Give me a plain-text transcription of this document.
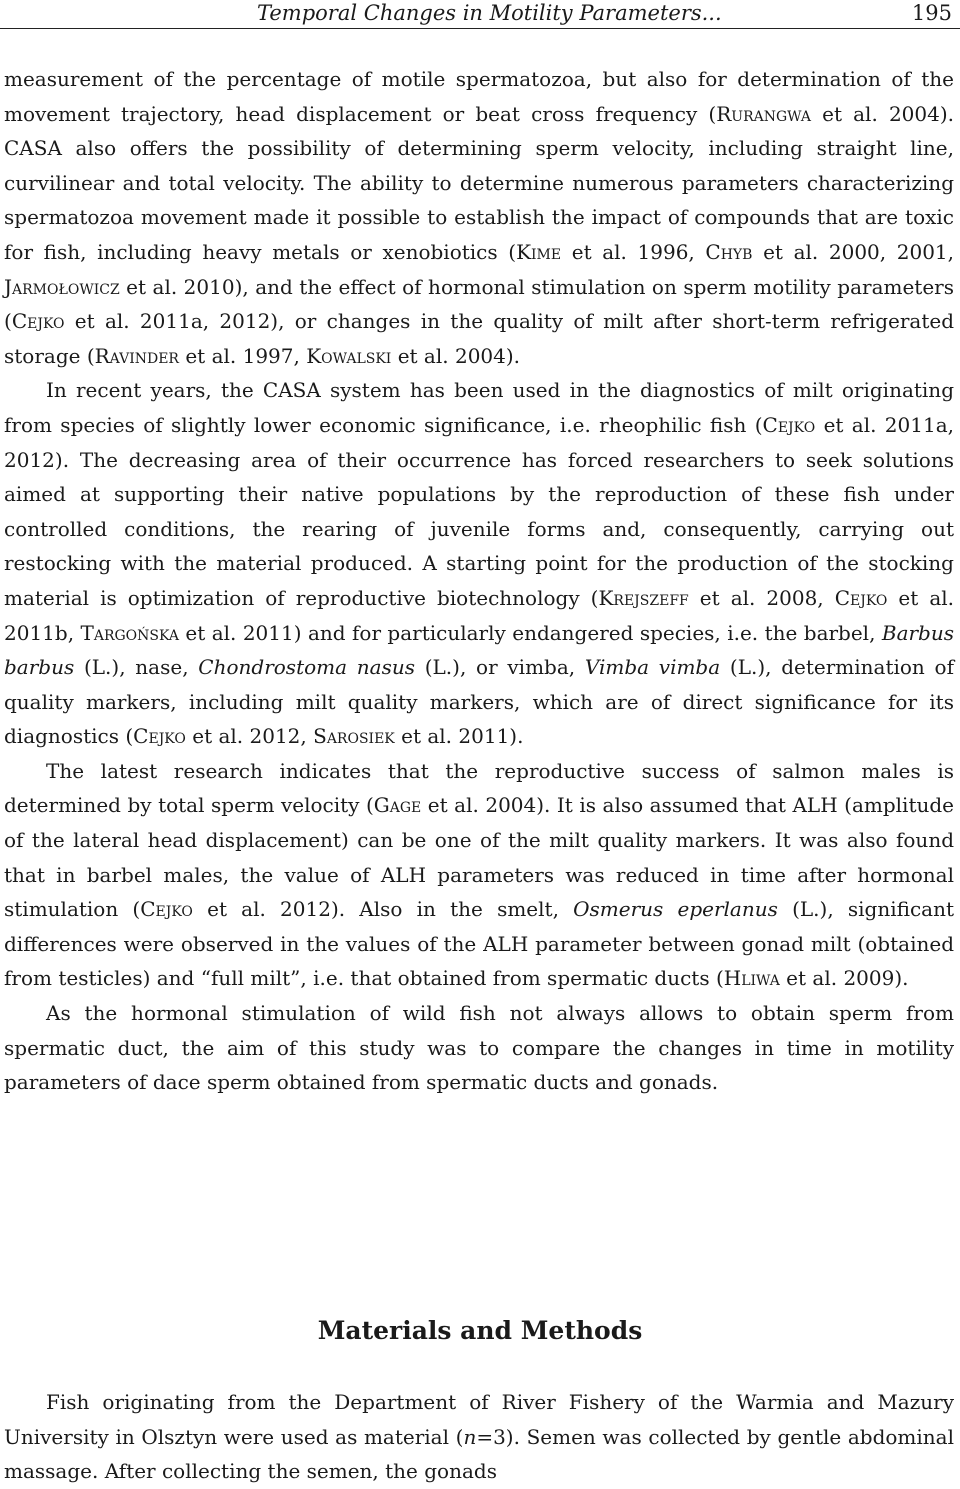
Temporal Changes in Motility Parameters...	195

measurement of the percentage of motile spermatozoa, but also for determination of the movement trajectory, head displacement or beat cross frequency (Rurangwa et al. 2004). CASA also offers the possibility of determining sperm velocity, including straight line, curvilinear and total velocity. The ability to determine numerous parameters characterizing spermatozoa movement made it possible to establish the impact of compounds that are toxic for fish, including heavy metals or xenobiotics (Kime et al. 1996, Chyb et al. 2000, 2001, Jarmołowicz et al. 2010), and the effect of hormonal stimulation on sperm motility parameters (Cejko et al. 2011a, 2012), or changes in the quality of milt after short-term refrigerated storage (Ravinder et al. 1997, Kowalski et al. 2004).

In recent years, the CASA system has been used in the diagnostics of milt originating from species of slightly lower economic significance, i.e. rheophilic fish (Cejko et al. 2011a, 2012). The decreasing area of their occurrence has forced researchers to seek solutions aimed at supporting their native populations by the reproduction of these fish under controlled conditions, the rearing of juvenile forms and, consequently, carrying out restocking with the material produced. A starting point for the production of the stocking material is optimization of reproductive biotechnology (Krejszeff et al. 2008, Cejko et al. 2011b, Targońska et al. 2011) and for particularly endangered species, i.e. the barbel, Barbus barbus (L.), nase, Chondrostoma nasus (L.), or vimba, Vimba vimba (L.), determination of quality markers, including milt quality markers, which are of direct significance for its diagnostics (Cejko et al. 2012, Sarosiek et al. 2011).

The latest research indicates that the reproductive success of salmon males is determined by total sperm velocity (Gage et al. 2004). It is also assumed that ALH (amplitude of the lateral head displacement) can be one of the milt quality markers. It was also found that in barbel males, the value of ALH parameters was reduced in time after hormonal stimulation (Cejko et al. 2012). Also in the smelt, Osmerus eperlanus (L.), significant differences were observed in the values of the ALH parameter between gonad milt (obtained from testicles) and “full milt”, i.e. that obtained from spermatic ducts (Hliwa et al. 2009).

As the hormonal stimulation of wild fish not always allows to obtain sperm from spermatic duct, the aim of this study was to compare the changes in time in motility parameters of dace sperm obtained from spermatic ducts and gonads.

Materials and Methods

Fish originating from the Department of River Fishery of the Warmia and Mazury University in Olsztyn were used as material (n=3). Semen was collected by gentle abdominal massage. After collecting the semen, the gonads
